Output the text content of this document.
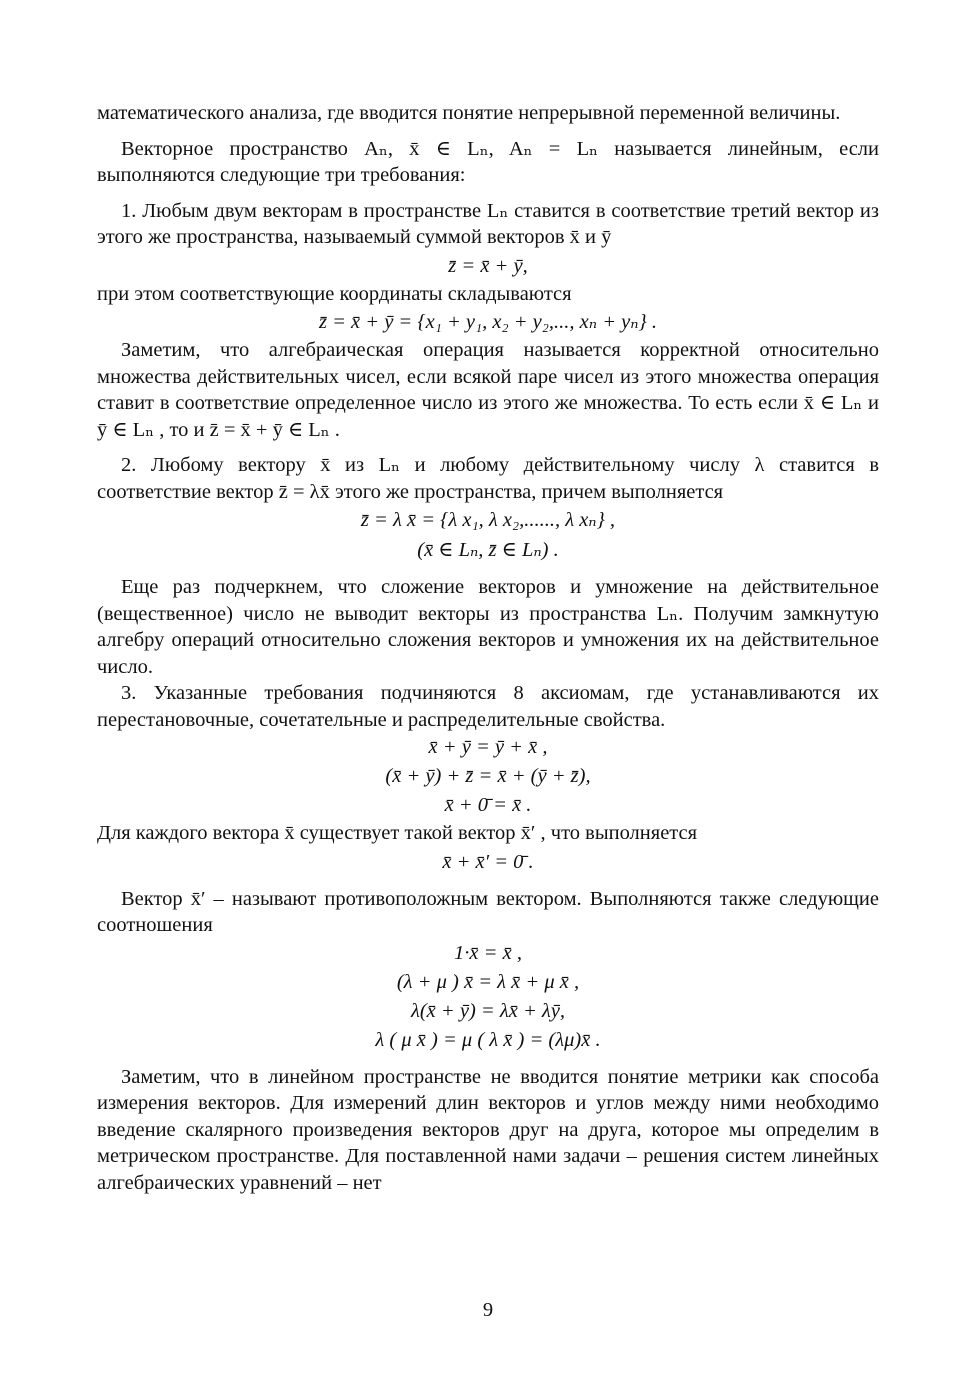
математического анализа, где вводится понятие непрерывной переменной величины.

Векторное пространство Aₙ, x̄ ∈ Lₙ, Aₙ = Lₙ называется линейным, если выполняются следующие три требования:

1. Любым двум векторам в пространстве Lₙ ставится в соответствие третий вектор из этого же пространства, называемый суммой векторов x̄ и ȳ

z̄ = x̄ + ȳ,

при этом соответствующие координаты складываются

z̄ = x̄ + ȳ = {x₁ + y₁, x₂ + y₂,..., xₙ + yₙ} .

Заметим, что алгебраическая операция называется корректной относительно множества действительных чисел, если всякой паре чисел из этого множества операция ставит в соответствие определенное число из этого же множества. То есть если x̄ ∈ Lₙ и ȳ ∈ Lₙ , то и z̄ = x̄ + ȳ ∈ Lₙ .

2. Любому вектору x̄ из Lₙ и любому действительному числу λ ставится в соответствие вектор z̄ = λx̄ этого же пространства, причем выполняется

z̄ = λ x̄ = {λ x₁, λ x₂,......, λ xₙ} ,

(x̄ ∈ Lₙ, z̄ ∈ Lₙ) .

Еще раз подчеркнем, что сложение векторов и умножение на действительное (вещественное) число не выводит векторы из пространства Lₙ. Получим замкнутую алгебру операций относительно сложения векторов и умножения их на действительное число.

3. Указанные требования подчиняются 8 аксиомам, где устанавливаются их перестановочные, сочетательные и распределительные свойства.

x̄ + ȳ = ȳ + x̄ ,

(x̄ + ȳ) + z̄ = x̄ + (ȳ + z̄),

x̄ + 0̄ = x̄ .

Для каждого вектора x̄ существует такой вектор x̄′ , что выполняется

x̄ + x̄′ = 0̄ .

Вектор x̄′ – называют противоположным вектором. Выполняются также следующие соотношения

1·x̄ = x̄ ,

(λ + μ ) x̄ = λ x̄ + μ x̄ ,

λ(x̄ + ȳ) = λx̄ + λȳ,

λ ( μ x̄ ) = μ ( λ x̄ ) = (λμ)x̄ .

Заметим, что в линейном пространстве не вводится понятие метрики как способа измерения векторов. Для измерений длин векторов и углов между ними необходимо введение скалярного произведения векторов друг на друга, которое мы определим в метрическом пространстве. Для поставленной нами задачи – решения систем линейных алгебраических уравнений – нет

9
